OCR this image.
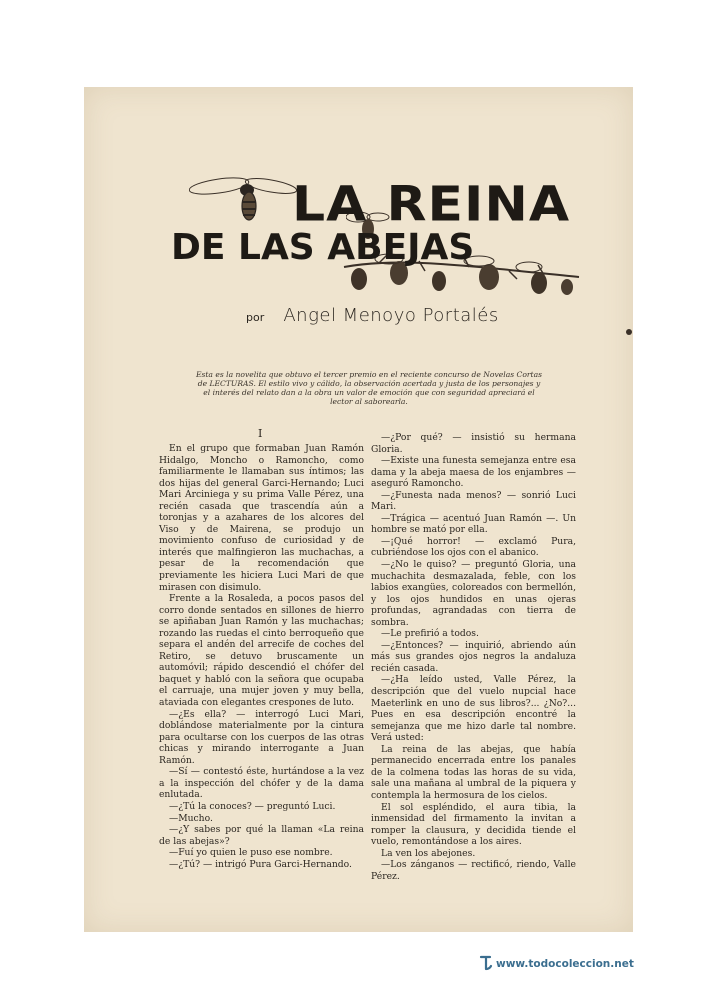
LA REINA
DE LAS ABEJAS
por Angel Menoyo Portalés
Esta es la novelita que obtuvo el tercer premio en el reciente concurso de Novelas Cortas de LECTURAS. El estilo vivo y cálido, la observación acertada y justa de los personajes y el interés del relato dan a la obra un valor de emoción que con seguridad apreciará el lector al saborearla.
I

En el grupo que formaban Juan Ramón Hidalgo, Moncho o Ramoncho, como familiarmente le llamaban sus íntimos; las dos hijas del general Garci-Hernando; Luci Mari Arciniega y su prima Valle Pérez, una recién casada que trascendía aún a toronjas y a azahares de los alcores del Viso y de Mairena, se produjo un movimiento confuso de curiosidad y de interés que malfingieron las muchachas, a pesar de la recomendación que previamente les hiciera Luci Mari de que mirasen con disimulo.

Frente a la Rosaleda, a pocos pasos del corro donde sentados en sillones de hierro se apiñaban Juan Ramón y las muchachas; rozando las ruedas el cinto berroqueño que separa el andén del arrecife de coches del Retiro, se detuvo bruscamente un automóvil; rápido descendió el chófer del baquet y habló con la señora que ocupaba el carruaje, una mujer joven y muy bella, ataviada con elegantes crespones de luto.

—¿Es ella? — interrogó Luci Mari, doblándose materialmente por la cintura para ocultarse con los cuerpos de las otras chicas y mirando interrogante a Juan Ramón.

—Sí — contestó éste, hurtándose a la vez a la inspección del chófer y de la dama enlutada.

—¿Tú la conoces? — preguntó Luci.

—Mucho.

—¿Y sabes por qué la llaman «La reina de las abejas»?

—Fuí yo quien le puso ese nombre.

—¿Tú? — intrigó Pura Garci-Hernando.

—¿Por qué? — insistió su hermana Gloria.

—Existe una funesta semejanza entre esa dama y la abeja maesa de los enjambres — aseguró Ramoncho.

—¿Funesta nada menos? — sonrió Luci Mari.

—Trágica — acentuó Juan Ramón —. Un hombre se mató por ella.

—¡Qué horror! — exclamó Pura, cubriéndose los ojos con el abanico.

—¿No le quiso? — preguntó Gloria, una muchachita desmazalada, feble, con los labios exangües, coloreados con bermellón, y los ojos hundidos en unas ojeras profundas, agrandadas con tierra de sombra.

—Le prefirió a todos.

—¿Entonces? — inquirió, abriendo aún más sus grandes ojos negros la andaluza recién casada.

—¿Ha leído usted, Valle Pérez, la descripción que del vuelo nupcial hace Maeterlink en uno de sus libros?... ¿No?... Pues en esa descripción encontré la semejanza que me hizo darle tal nombre. Verá usted:

La reina de las abejas, que había permanecido encerrada entre los panales de la colmena todas las horas de su vida, sale una mañana al umbral de la piquera y contempla la hermosura de los cielos.

El sol espléndido, el aura tibia, la inmensidad del firmamento la invitan a romper la clausura, y decidida tiende el vuelo, remontándose a los aires.

La ven los abejones.

—Los zánganos — rectificó, riendo, Valle Pérez.

www.todocoleccion.net
